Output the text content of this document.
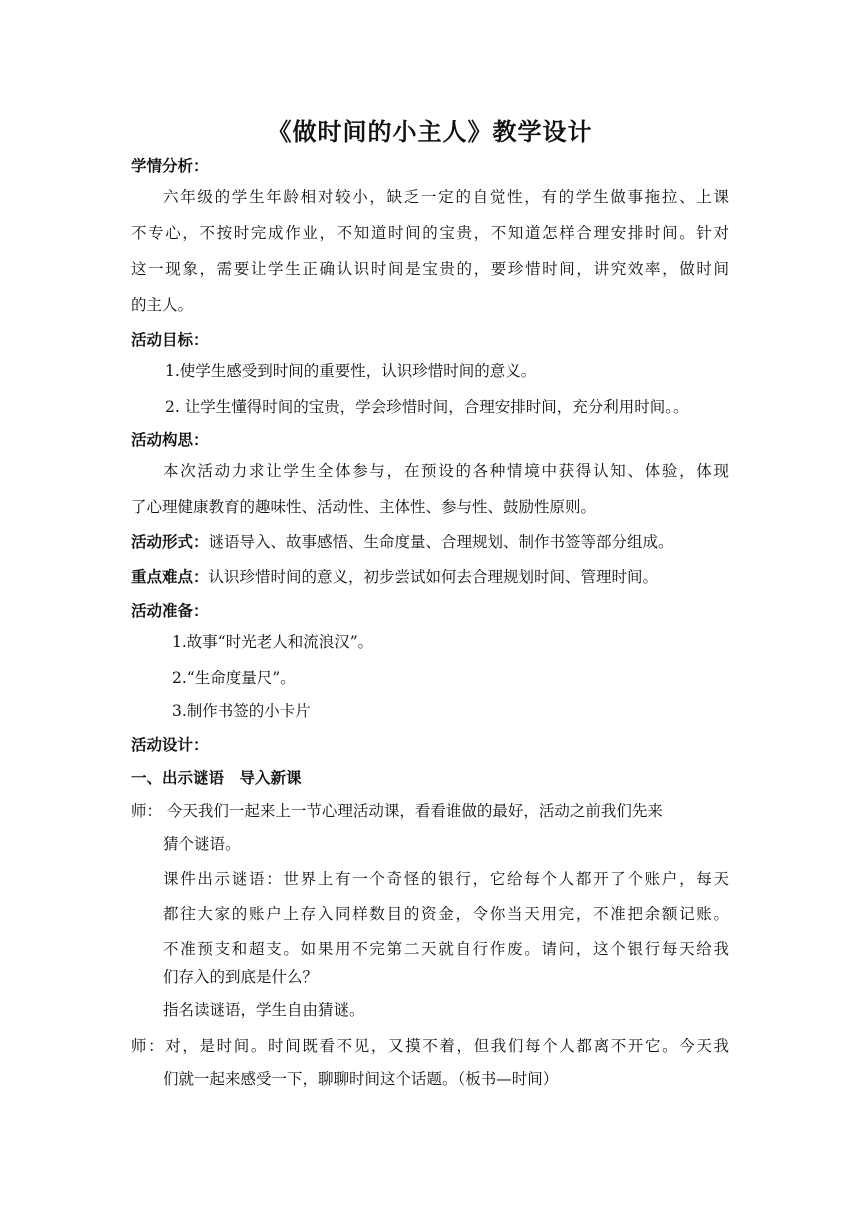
《做时间的小主人》教学设计
学情分析：
六年级的学生年龄相对较小，缺乏一定的自觉性，有的学生做事拖拉、上课
不专心，不按时完成作业，不知道时间的宝贵，不知道怎样合理安排时间。针对
这一现象，需要让学生正确认识时间是宝贵的，要珍惜时间，讲究效率，做时间
的主人。
活动目标：
1.使学生感受到时间的重要性，认识珍惜时间的意义。
2. 让学生懂得时间的宝贵，学会珍惜时间，合理安排时间，充分利用时间。。
活动构思：
本次活动力求让学生全体参与，在预设的各种情境中获得认知、体验，体现
了心理健康教育的趣味性、活动性、主体性、参与性、鼓励性原则。
活动形式：谜语导入、故事感悟、生命度量、合理规划、制作书签等部分组成。
重点难点：认识珍惜时间的意义，初步尝试如何去合理规划时间、管理时间。
活动准备：
1.故事“时光老人和流浪汉”。
2.“生命度量尺”。
3.制作书签的小卡片
活动设计：
一、出示谜语　导入新课
师： 今天我们一起来上一节心理活动课，看看谁做的最好，活动之前我们先来
猜个谜语。
课件出示谜语：世界上有一个奇怪的银行，它给每个人都开了个账户，每天
都往大家的账户上存入同样数目的资金，令你当天用完，不准把余额记账。
不准预支和超支。如果用不完第二天就自行作废。请问，这个银行每天给我
们存入的到底是什么？
指名读谜语，学生自由猜谜。
师：对，是时间。时间既看不见，又摸不着，但我们每个人都离不开它。今天我
们就一起来感受一下，聊聊时间这个话题。（板书—时间）
